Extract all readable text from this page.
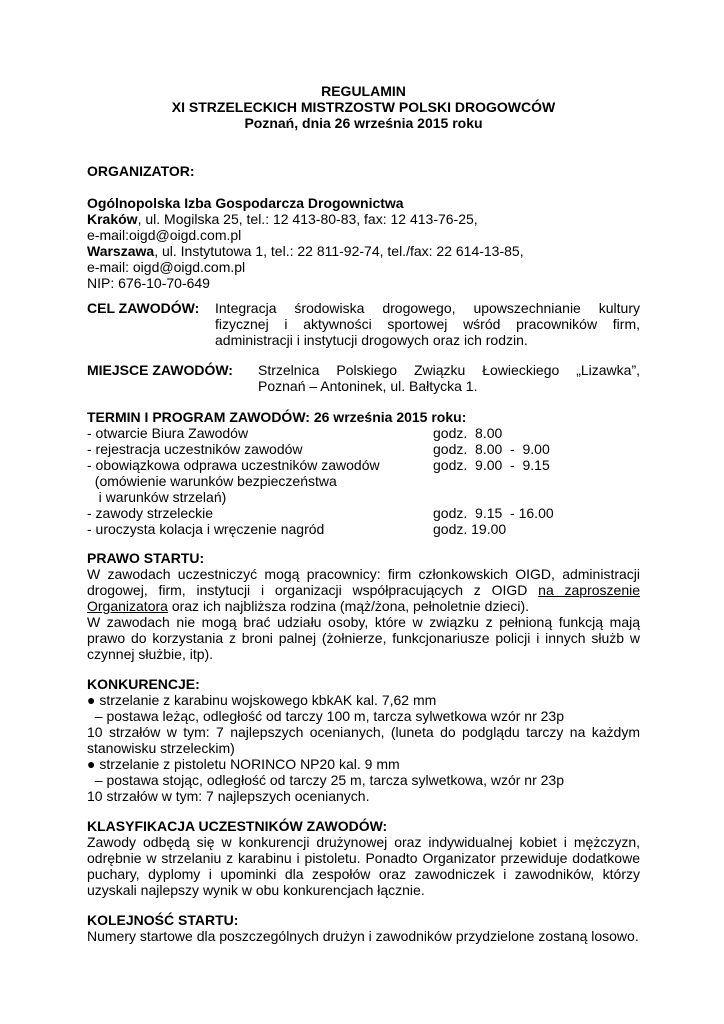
REGULAMIN

XI STRZELECKICH MISTRZOSTW POLSKI DROGOWCÓW

Poznań, dnia 26 września 2015 roku

ORGANIZATOR:

Ogólnopolska Izba Gospodarcza Drogownictwa

Kraków, ul. Mogilska 25, tel.: 12 413-80-83, fax: 12 413-76-25,

e-mail:oigd@oigd.com.pl

Warszawa, ul. Instytutowa 1, tel.: 22 811-92-74, tel./fax: 22 614-13-85,

e-mail: oigd@oigd.com.pl

NIP: 676-10-70-649

CEL ZAWODÓW:	Integracja środowiska drogowego, upowszechnianie kultury fizycznej i aktywności sportowej wśród pracowników firm, administracji i instytucji drogowych oraz ich rodzin.

MIEJSCE ZAWODÓW:	Strzelnica Polskiego Związku Łowieckiego „Lizawka”,

Poznań – Antoninek, ul. Bałtycka 1.

TERMIN I PROGRAM ZAWODÓW: 26 września 2015 roku:

- otwarcie Biura Zawodów	godz.  8.00
- rejestracja uczestników zawodów	godz.  8.00  -  9.00
- obowiązkowa odprawa uczestników zawodów	godz.  9.00  -  9.15
(omówienie warunków bezpieczeństwa
i warunków strzelań)
- zawody strzeleckie	godz.  9.15  - 16.00
- uroczysta kolacja i wręczenie nagród	godz. 19.00

PRAWO STARTU:

W zawodach uczestniczyć mogą pracownicy: firm członkowskich OIGD, administracji drogowej, firm, instytucji i organizacji współpracujących z OIGD na zaproszenie Organizatora oraz ich najbliższa rodzina (mąż/żona, pełnoletnie dzieci).

W zawodach nie mogą brać udziału osoby, które w związku z pełnioną funkcją mają prawo do korzystania z broni palnej (żołnierze, funkcjonariusze policji i innych służb w czynnej służbie, itp).

KONKURENCJE:

● strzelanie z karabinu wojskowego kbkAK kal. 7,62 mm

– postawa leżąc, odległość od tarczy 100 m, tarcza sylwetkowa wzór nr 23p

10 strzałów w tym: 7 najlepszych ocenianych, (luneta do podglądu tarczy na każdym stanowisku strzeleckim)

● strzelanie z pistoletu NORINCO NP20 kal. 9 mm

– postawa stojąc, odległość od tarczy 25 m, tarcza sylwetkowa, wzór nr 23p

10 strzałów w tym: 7 najlepszych ocenianych.

KLASYFIKACJA UCZESTNIKÓW ZAWODÓW:

Zawody odbędą się w konkurencji drużynowej oraz indywidualnej kobiet i mężczyzn, odrębnie w strzelaniu z karabinu i pistoletu. Ponadto Organizator przewiduje dodatkowe puchary, dyplomy i upominki dla zespołów oraz zawodniczek i zawodników, którzy uzyskali najlepszy wynik w obu konkurencjach łącznie.

KOLEJNOŚĆ STARTU:

Numery startowe dla poszczególnych drużyn i zawodników przydzielone zostaną losowo.
